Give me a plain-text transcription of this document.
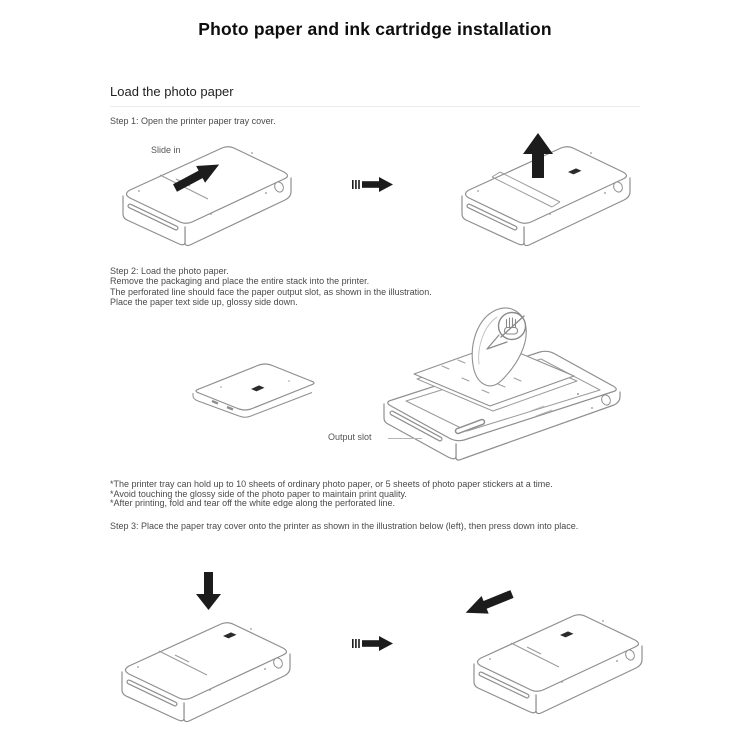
Photo paper and ink cartridge installation
Load the photo paper
Step 1: Open the printer paper tray cover.
Slide in
Step 2: Load the photo paper.
Remove the packaging and place the entire stack into the printer.
The perforated line should face the paper output slot, as shown in the illustration.
Place the paper text side up, glossy side down.
Output slot
*The printer tray can hold up to 10 sheets of ordinary photo paper, or 5 sheets of photo paper stickers at a time.
*Avoid touching the glossy side of the photo paper to maintain print quality.
*After printing, fold and tear off the white edge along the perforated line.
Step 3: Place the paper tray cover onto the printer as shown in the illustration below (left), then press down into place.
